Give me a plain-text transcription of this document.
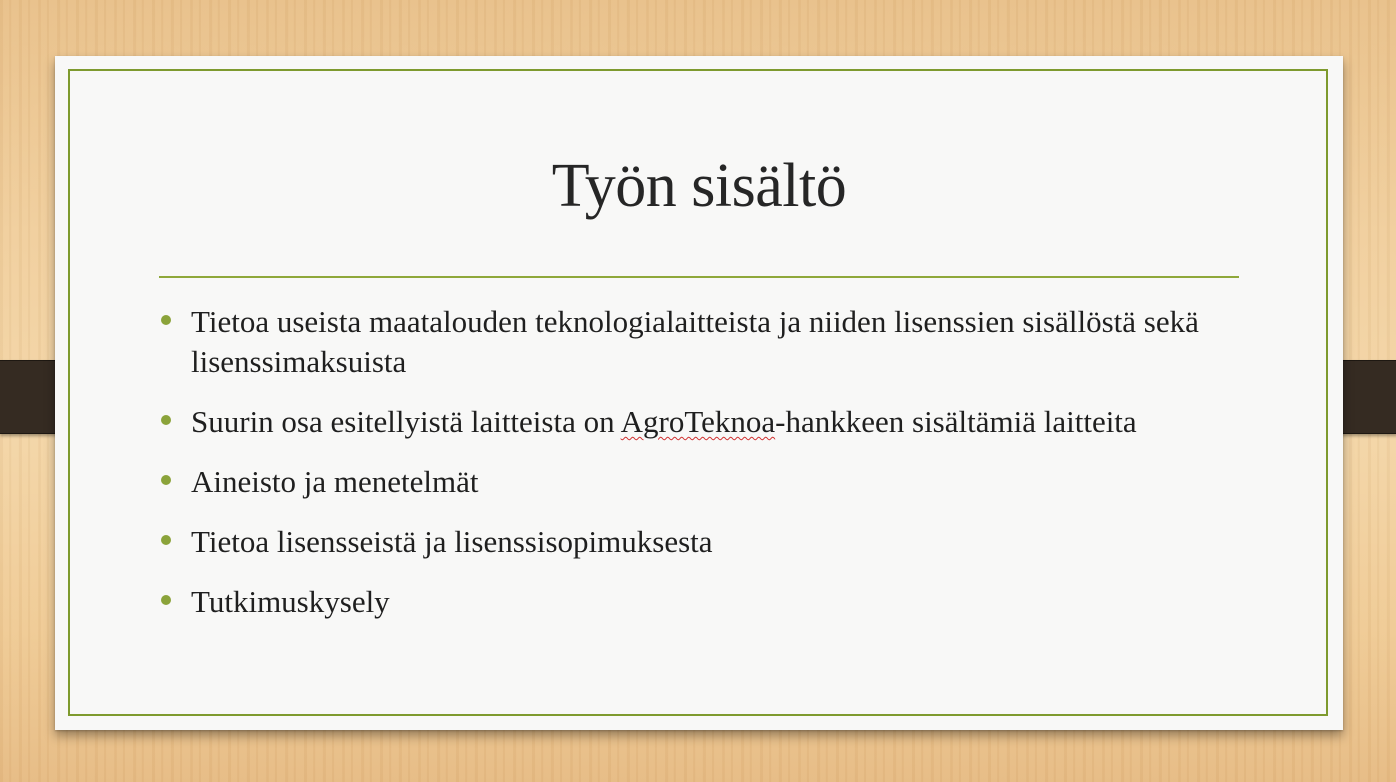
Työn sisältö
Tietoa useista maatalouden teknologialaitteista ja niiden lisenssien sisällöstä sekä lisenssimaksuista
Suurin osa esitellyistä laitteista on AgroTeknoa-hankkeen sisältämiä laitteita
Aineisto ja menetelmät
Tietoa lisensseistä ja lisenssisopimuksesta
Tutkimuskysely
